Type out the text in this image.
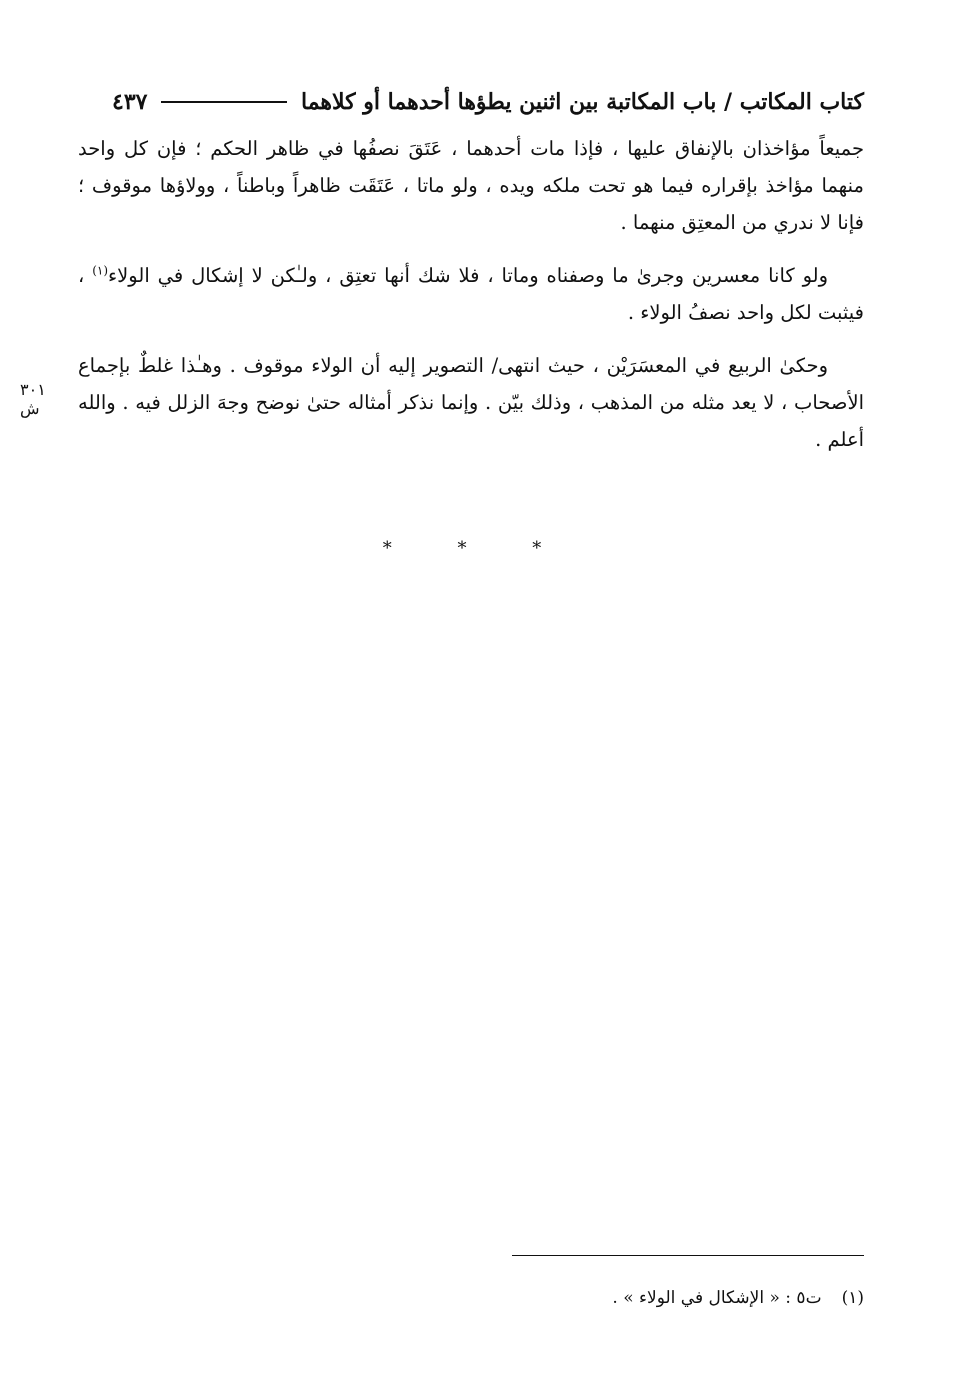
كتاب المكاتب / باب المكاتبة بين اثنين يطؤها أحدهما أو كلاهما
٤٣٧
٣٠١ ش

جميعاً مؤاخذان بالإنفاق عليها ، فإذا مات أحدهما ، عَتَقَ نصفُها في ظاهر الحكم ؛ فإن كل واحد منهما مؤاخذ بإقراره فيما هو تحت ملكه ويده ، ولو ماتا ، عَتَقَت ظاهراً وباطناً ، وولاؤها موقوف ؛ فإنا لا ندري من المعتِق منهما .

ولو كانا معسرين وجرىٰ ما وصفناه وماتا ، فلا شك أنها تعتِق ، ولـٰكن لا إشكال في الولاء$^{(١)}$ ، فيثبت لكل واحد نصفُ الولاء .

وحكىٰ الربيع في المعسَرَيْن ، حيث انتهى/ التصوير إليه أن الولاء موقوف . وهـٰذا غلطٌ بإجماع الأصحاب ، لا يعد مثله من المذهب ، وذلك بيّن . وإنما نذكر أمثاله حتىٰ نوضح وجهَ الزلل فيه . والله أعلم .

* * *
(١)ت٥ : « الإشكال في الولاء » .
